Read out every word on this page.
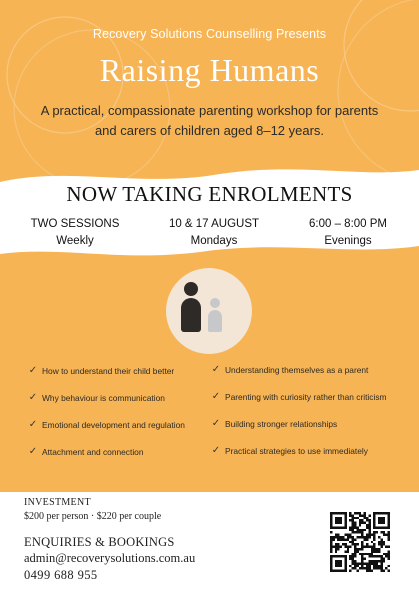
Recovery Solutions Counselling Presents
Raising Humans
A practical, compassionate parenting workshop for parents
and carers of children aged 8–12 years.
NOW TAKING ENROLMENTS
TWO SESSIONS
Weekly
10 & 17 AUGUST
Mondays
6:00 – 8:00 PM
Evenings
✓ How to understand their child better
✓ Why behaviour is communication
✓ Emotional development and regulation
✓ Attachment and connection
✓ Understanding themselves as a parent
✓ Parenting with curiosity rather than criticism
✓ Building stronger relationships
✓ Practical strategies to use immediately
INVESTMENT
$200 per person · $220 per couple
ENQUIRIES & BOOKINGS
admin@recoverysolutions.com.au
0499 688 955
